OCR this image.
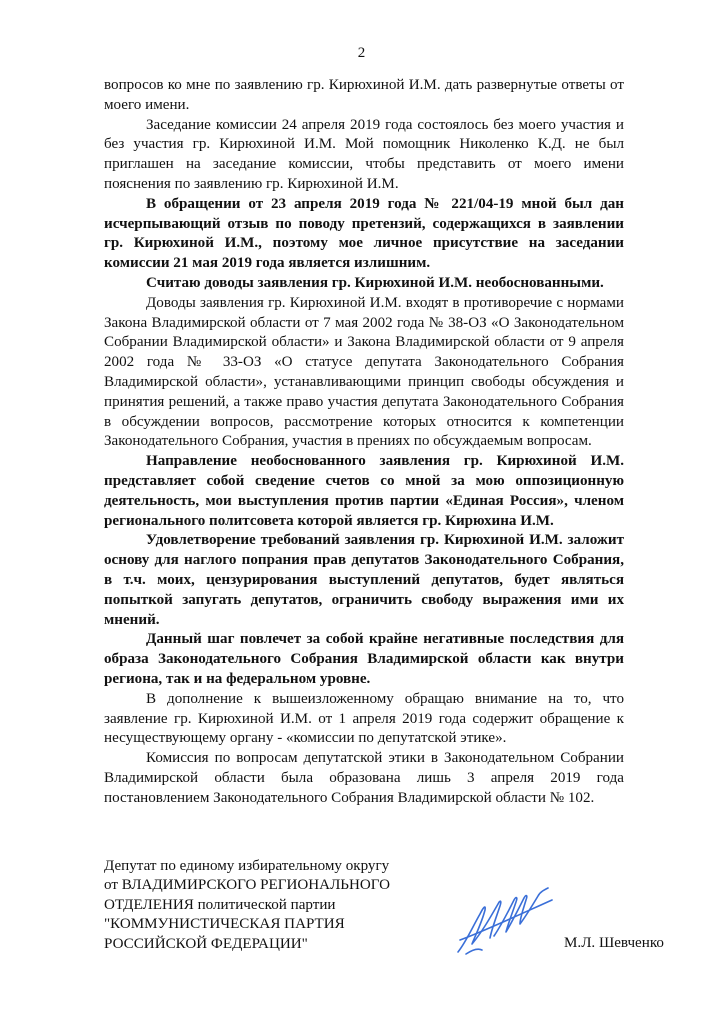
2

вопросов ко мне по заявлению гр. Кирюхиной И.М. дать развернутые ответы от моего имени.

Заседание комиссии 24 апреля 2019 года состоялось без моего участия и без участия гр. Кирюхиной И.М. Мой помощник Николенко К.Д. не был приглашен на заседание комиссии, чтобы представить от моего имени пояснения по заявлению гр. Кирюхиной И.М.

В обращении от 23 апреля 2019 года № 221/04-19 мной был дан исчерпывающий отзыв по поводу претензий, содержащихся в заявлении гр. Кирюхиной И.М., поэтому мое личное присутствие на заседании комиссии 21 мая 2019 года является излишним.

Считаю доводы заявления гр. Кирюхиной И.М. необоснованными.

Доводы заявления гр. Кирюхиной И.М. входят в противоречие с нормами Закона Владимирской области от 7 мая 2002 года № 38-ОЗ «О Законодательном Собрании Владимирской области» и Закона Владимирской области от 9 апреля 2002 года № 33-ОЗ «О статусе депутата Законодательного Собрания Владимирской области», устанавливающими принцип свободы обсуждения и принятия решений, а также право участия депутата Законодательного Собрания в обсуждении вопросов, рассмотрение которых относится к компетенции Законодательного Собрания, участия в прениях по обсуждаемым вопросам.

Направление необоснованного заявления гр. Кирюхиной И.М. представляет собой сведение счетов со мной за мою оппозиционную деятельность, мои выступления против партии «Единая Россия», членом регионального политсовета которой является гр. Кирюхина И.М.

Удовлетворение требований заявления гр. Кирюхиной И.М. заложит основу для наглого попрания прав депутатов Законодательного Собрания, в т.ч. моих, цензурирования выступлений депутатов, будет являться попыткой запугать депутатов, ограничить свободу выражения ими их мнений.

Данный шаг повлечет за собой крайне негативные последствия для образа Законодательного Собрания Владимирской области как внутри региона, так и на федеральном уровне.

В дополнение к вышеизложенному обращаю внимание на то, что заявление гр. Кирюхиной И.М. от 1 апреля 2019 года содержит обращение к несуществующему органу - «комиссии по депутатской этике».

Комиссия по вопросам депутатской этики в Законодательном Собрании Владимирской области была образована лишь 3 апреля 2019 года постановлением Законодательного Собрания Владимирской области № 102.

Депутат по единому избирательному округу
от ВЛАДИМИРСКОГО РЕГИОНАЛЬНОГО
ОТДЕЛЕНИЯ политической партии
"КОММУНИСТИЧЕСКАЯ ПАРТИЯ
РОССИЙСКОЙ ФЕДЕРАЦИИ"	М.Л. Шевченко
